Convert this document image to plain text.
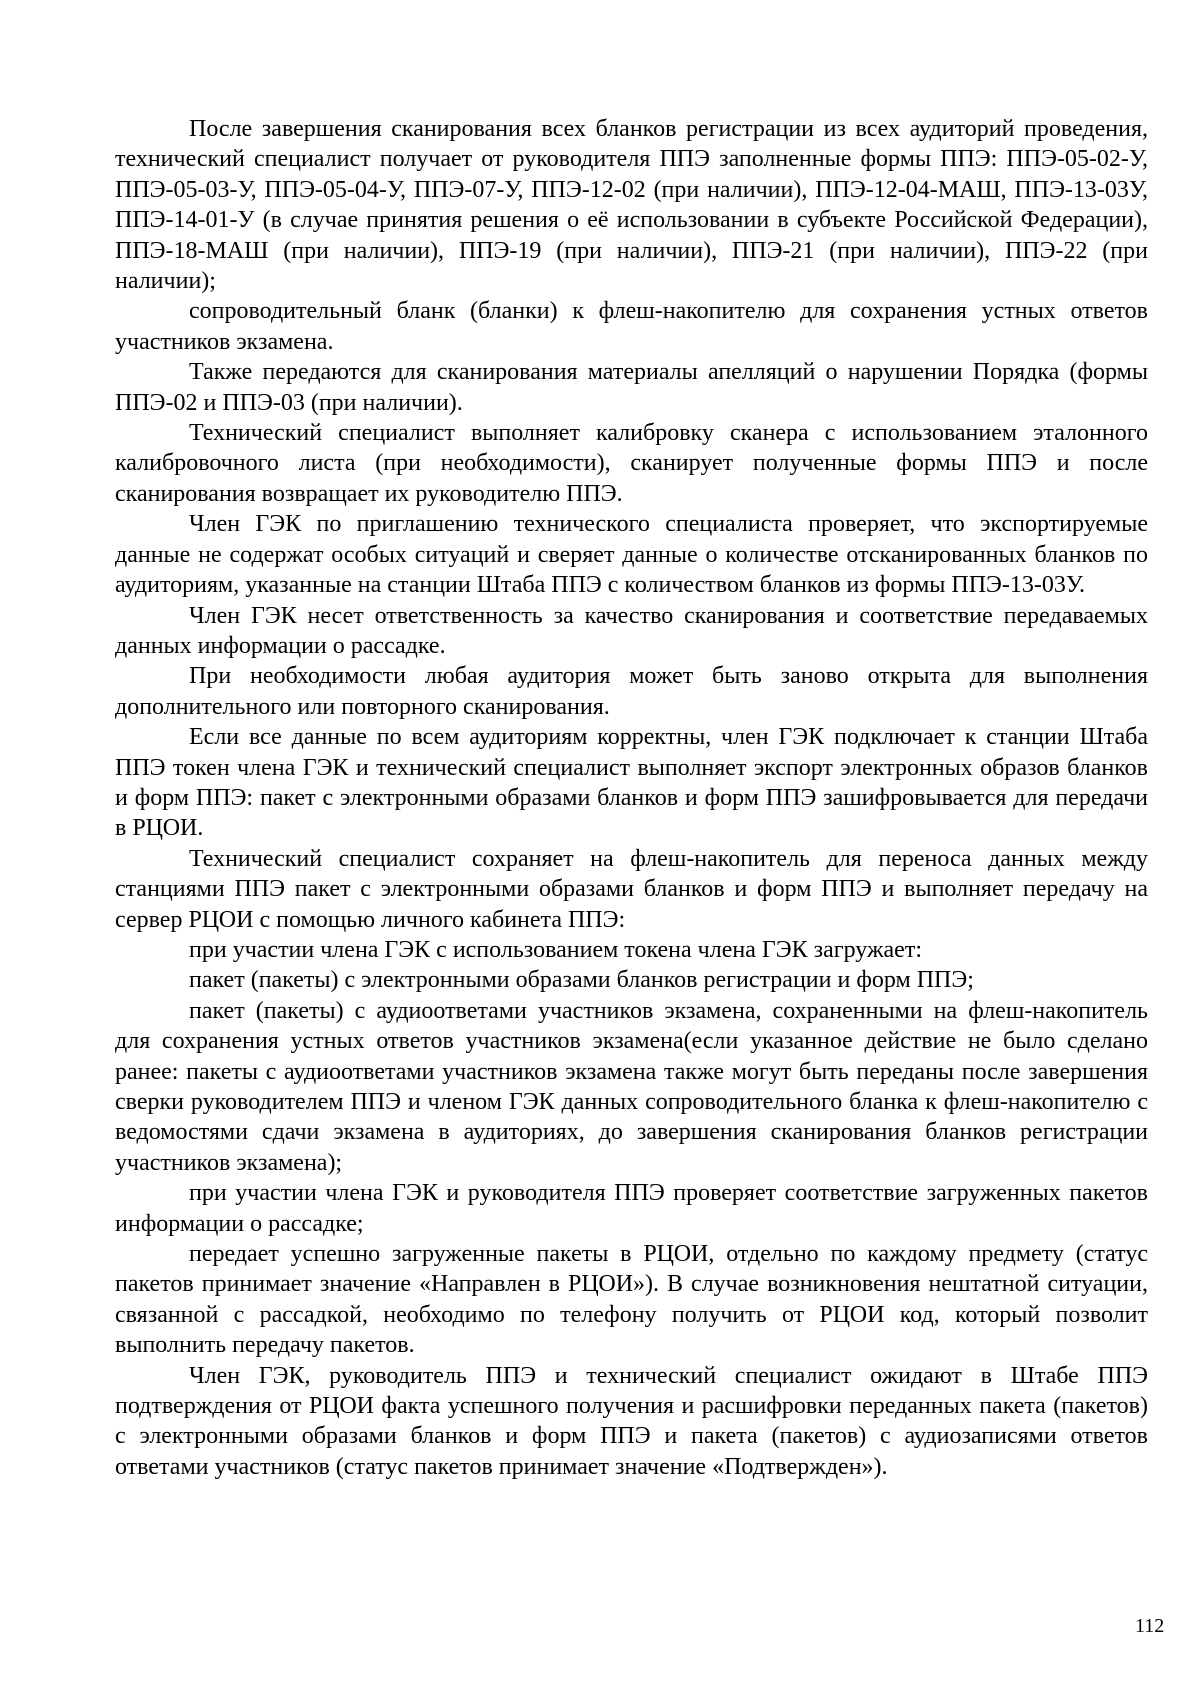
После завершения сканирования всех бланков регистрации из всех аудиторий проведения, технический специалист получает от руководителя ППЭ заполненные формы ППЭ: ППЭ-05-02-У, ППЭ-05-03-У, ППЭ-05-04-У, ППЭ-07-У, ППЭ-12-02 (при наличии), ППЭ-12-04-МАШ, ППЭ-13-03У, ППЭ-14-01-У (в случае принятия решения о её использовании в субъекте Российской Федерации), ППЭ-18-МАШ (при наличии), ППЭ-19 (при наличии), ППЭ-21 (при наличии), ППЭ-22 (при наличии);

сопроводительный бланк (бланки) к флеш-накопителю для сохранения устных ответов участников экзамена.

Также передаются для сканирования материалы апелляций о нарушении Порядка (формы ППЭ-02 и ППЭ-03 (при наличии).

Технический специалист выполняет калибровку сканера с использованием эталонного калибровочного листа (при необходимости), сканирует полученные формы ППЭ и после сканирования возвращает их руководителю ППЭ.

Член ГЭК по приглашению технического специалиста проверяет, что экспортируемые данные не содержат особых ситуаций и сверяет данные о количестве отсканированных бланков по аудиториям, указанные на станции Штаба ППЭ с количеством бланков из формы ППЭ-13-03У.

Член ГЭК несет ответственность за качество сканирования и соответствие передаваемых данных информации о рассадке.

При необходимости любая аудитория может быть заново открыта для выполнения дополнительного или повторного сканирования.

Если все данные по всем аудиториям корректны, член ГЭК подключает к станции Штаба ППЭ токен члена ГЭК и технический специалист выполняет экспорт электронных образов бланков и форм ППЭ: пакет с электронными образами бланков и форм ППЭ зашифровывается для передачи в РЦОИ.

Технический специалист сохраняет на флеш-накопитель для переноса данных между станциями ППЭ пакет с электронными образами бланков и форм ППЭ и выполняет передачу на сервер РЦОИ с помощью личного кабинета ППЭ:

при участии члена ГЭК с использованием токена члена ГЭК загружает:

пакет (пакеты) с электронными образами бланков регистрации и форм ППЭ;

пакет (пакеты) с аудиоответами участников экзамена, сохраненными на флеш-накопитель для сохранения устных ответов участников экзамена(если указанное действие не было сделано ранее: пакеты с аудиоответами участников экзамена также могут быть переданы после завершения сверки руководителем ППЭ и членом ГЭК данных сопроводительного бланка к флеш-накопителю с ведомостями сдачи экзамена в аудиториях, до завершения сканирования бланков регистрации участников экзамена);

при участии члена ГЭК и руководителя ППЭ проверяет соответствие загруженных пакетов информации о рассадке;

передает успешно загруженные пакеты в РЦОИ, отдельно по каждому предмету (статус пакетов принимает значение «Направлен в РЦОИ»). В случае возникновения нештатной ситуации, связанной с рассадкой, необходимо по телефону получить от РЦОИ код, который позволит выполнить передачу пакетов.

Член ГЭК, руководитель ППЭ и технический специалист ожидают в Штабе ППЭ подтверждения от РЦОИ факта успешного получения и расшифровки переданных пакета (пакетов) с электронными образами бланков и форм ППЭ и пакета (пакетов) с аудиозаписями ответов ответами участников (статус пакетов принимает значение «Подтвержден»).

112
